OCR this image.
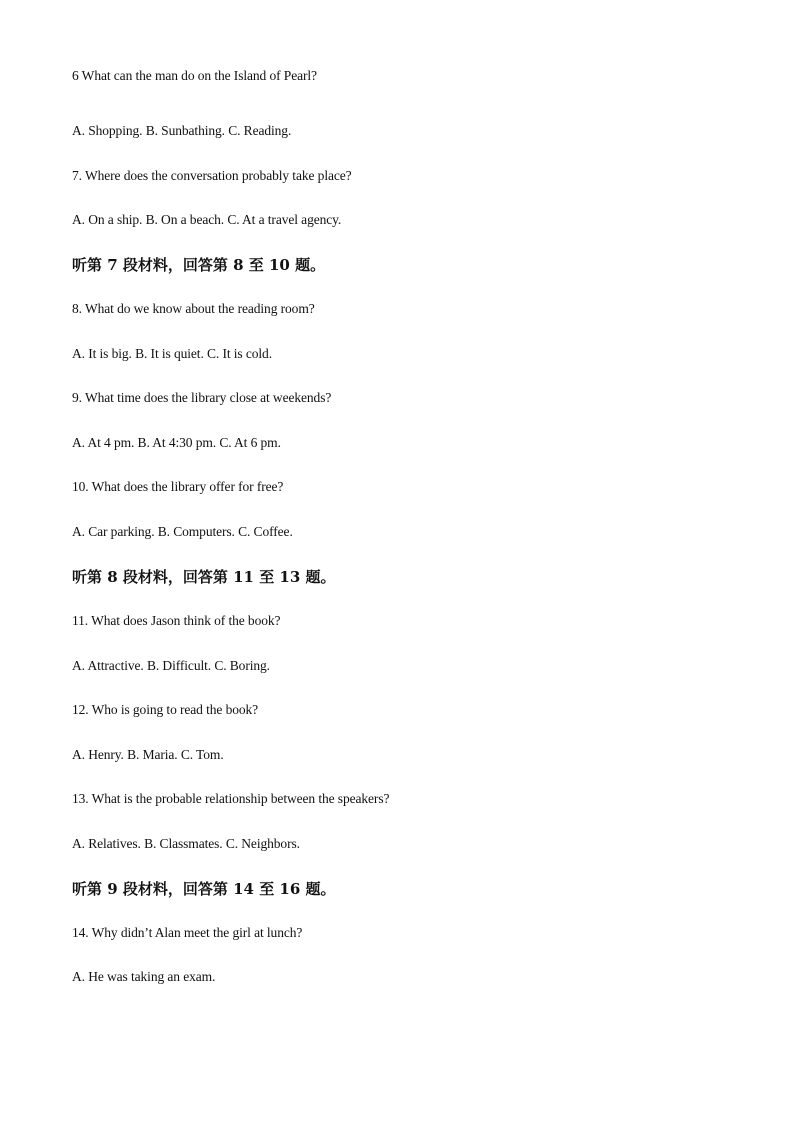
6 What can the man do on the Island of Pearl?
A. Shopping. B. Sunbathing. C. Reading.
7. Where does the conversation probably take place?
A. On a ship. B. On a beach. C. At a travel agency.
听第 7 段材料，回答第 8 至 10 题。
8. What do we know about the reading room?
A. It is big. B. It is quiet. C. It is cold.
9. What time does the library close at weekends?
A. At 4 pm. B. At 4:30 pm. C. At 6 pm.
10. What does the library offer for free?
A. Car parking. B. Computers. C. Coffee.
听第 8 段材料，回答第 11 至 13 题。
11. What does Jason think of the book?
A. Attractive. B. Difficult. C. Boring.
12. Who is going to read the book?
A. Henry. B. Maria. C. Tom.
13. What is the probable relationship between the speakers?
A. Relatives. B. Classmates. C. Neighbors.
听第 9 段材料，回答第 14 至 16 题。
14. Why didn’t Alan meet the girl at lunch?
A. He was taking an exam.
